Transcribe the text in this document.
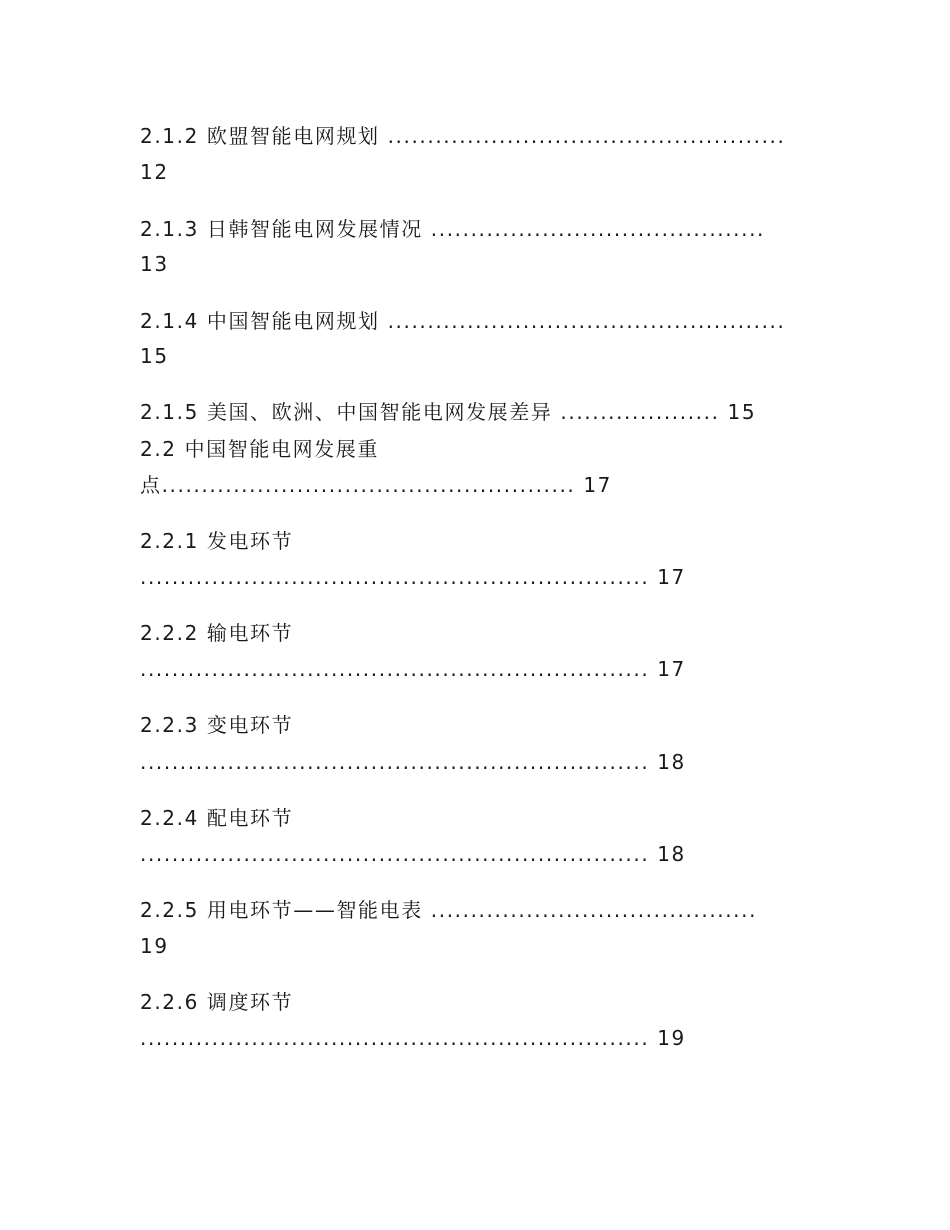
2.1.2 欧盟智能电网规划 ..................................................

12

2.1.3 日韩智能电网发展情况 ..........................................

13

2.1.4 中国智能电网规划 ..................................................

15

2.1.5 美国、欧洲、中国智能电网发展差异 .................... 15

2.2 中国智能电网发展重

点.................................................... 17

2.2.1 发电环节

................................................................ 17

2.2.2 输电环节

................................................................ 17

2.2.3 变电环节

................................................................ 18

2.2.4 配电环节

................................................................ 18

2.2.5 用电环节——智能电表 .........................................

19

2.2.6 调度环节

................................................................ 19
